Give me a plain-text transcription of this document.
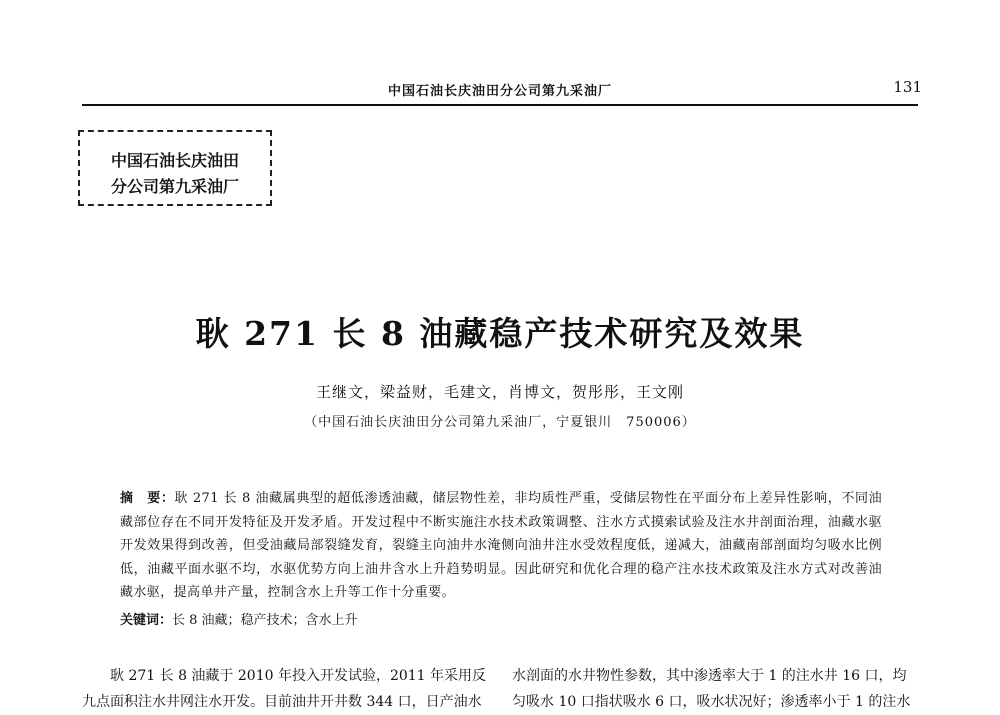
中国石油长庆油田分公司第九采油厂	131
中国石油长庆油田
分公司第九采油厂
耿 271 长 8 油藏稳产技术研究及效果
王继文，梁益财，毛建文，肖博文，贺彤彤，王文刚
（中国石油长庆油田分公司第九采油厂，宁夏银川　750006）
摘　要：耿 271 长 8 油藏属典型的超低渗透油藏，储层物性差，非均质性严重，受储层物性在平面分布上差异性影响，不同油藏部位存在不同开发特征及开发矛盾。开发过程中不断实施注水技术政策调整、注水方式摸索试验及注水井剖面治理，油藏水驱开发效果得到改善，但受油藏局部裂缝发育，裂缝主向油井水淹侧向油井注水受效程度低，递减大，油藏南部剖面均匀吸水比例低，油藏平面水驱不均，水驱优势方向上油井含水上升趋势明显。因此研究和优化合理的稳产注水技术政策及注水方式对改善油藏水驱，提高单井产量，控制含水上升等工作十分重要。
关键词：长 8 油藏；稳产技术；含水上升
耿 271 长 8 油藏于 2010 年投入开发试验，2011 年采用反
九点面积注水井网注水开发。目前油井开井数 344 口，日产油水
水剖面的水井物性参数，其中渗透率大于 1 的注水井 16 口，均
匀吸水 10 口指状吸水 6 口，吸水状况好；渗透率小于 1 的注水
